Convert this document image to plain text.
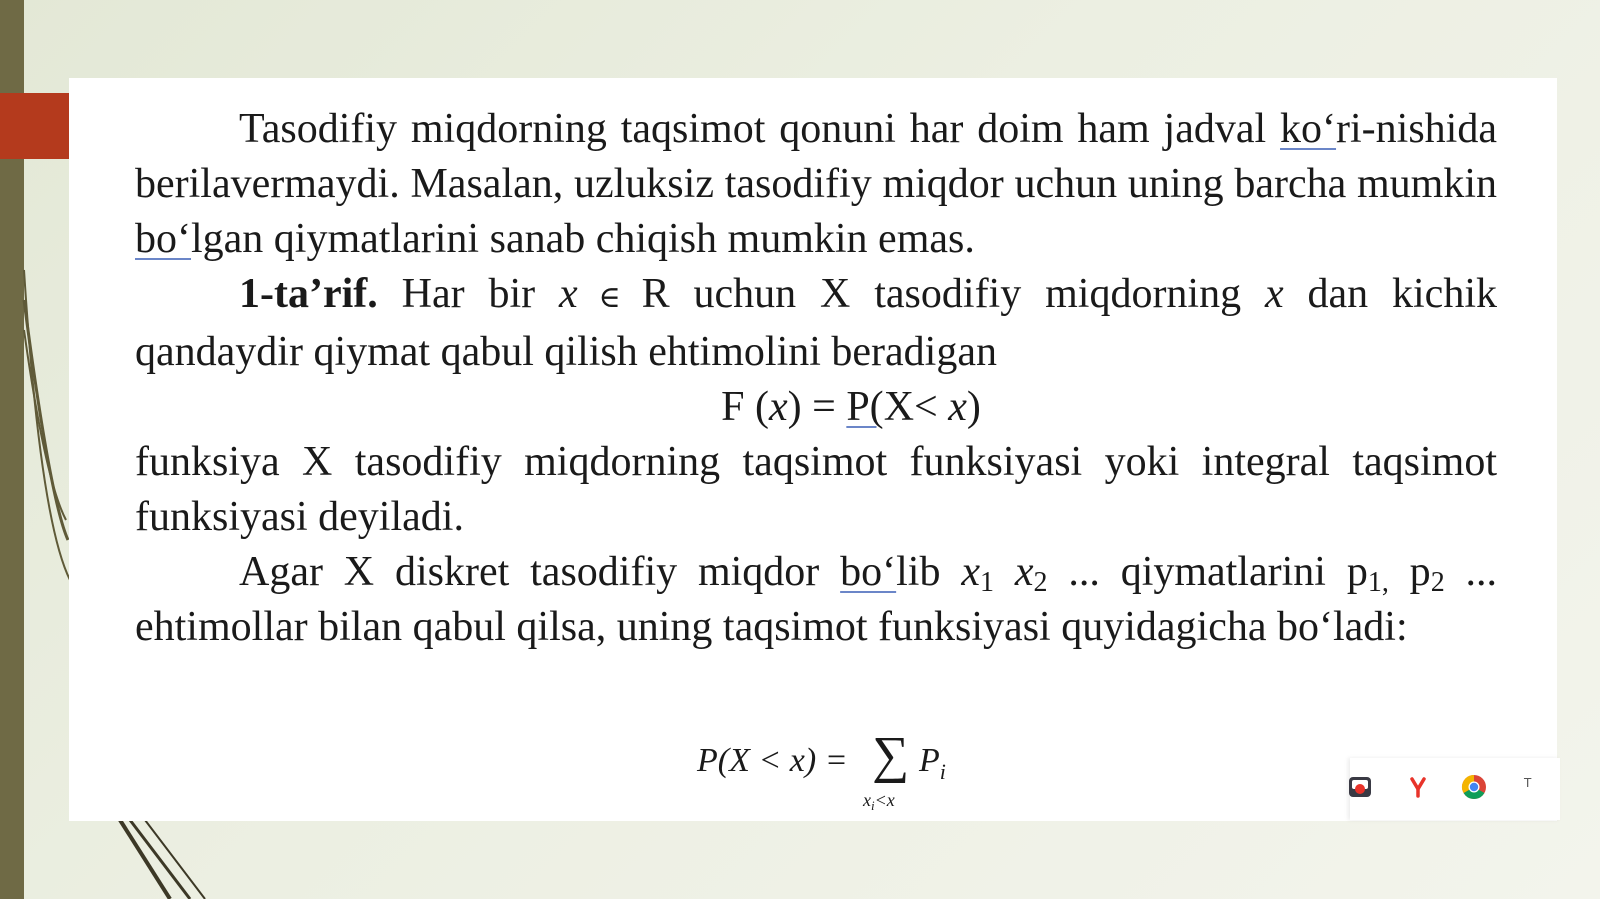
Tasodifiy miqdorning taqsimot qonuni har doim ham jadval ko‘ri-nishida berilavermaydi. Masalan, uzluksiz tasodifiy miqdor uchun uning barcha mumkin bo‘lgan qiymatlarini sanab chiqish mumkin emas.

1-ta’rif. Har bir x ∈ R uchun X tasodifiy miqdorning x dan kichik qandaydir qiymat qabul qilish ehtimolini beradigan

F (x) = P(X< x)

funksiya X tasodifiy miqdorning taqsimot funksiyasi yoki integral taqsimot funksiyasi deyiladi.

Agar X diskret tasodifiy miqdor bo‘lib $x_1$ $x_2$ ... qiymatlarini $p_{1,}$ $p_2$ ... ehtimollar bilan qabul qilsa, uning taqsimot funksiyasi quyidagicha bo‘ladi:

P(X < x) = ∑ $P_i$
$x_i<x$
T
